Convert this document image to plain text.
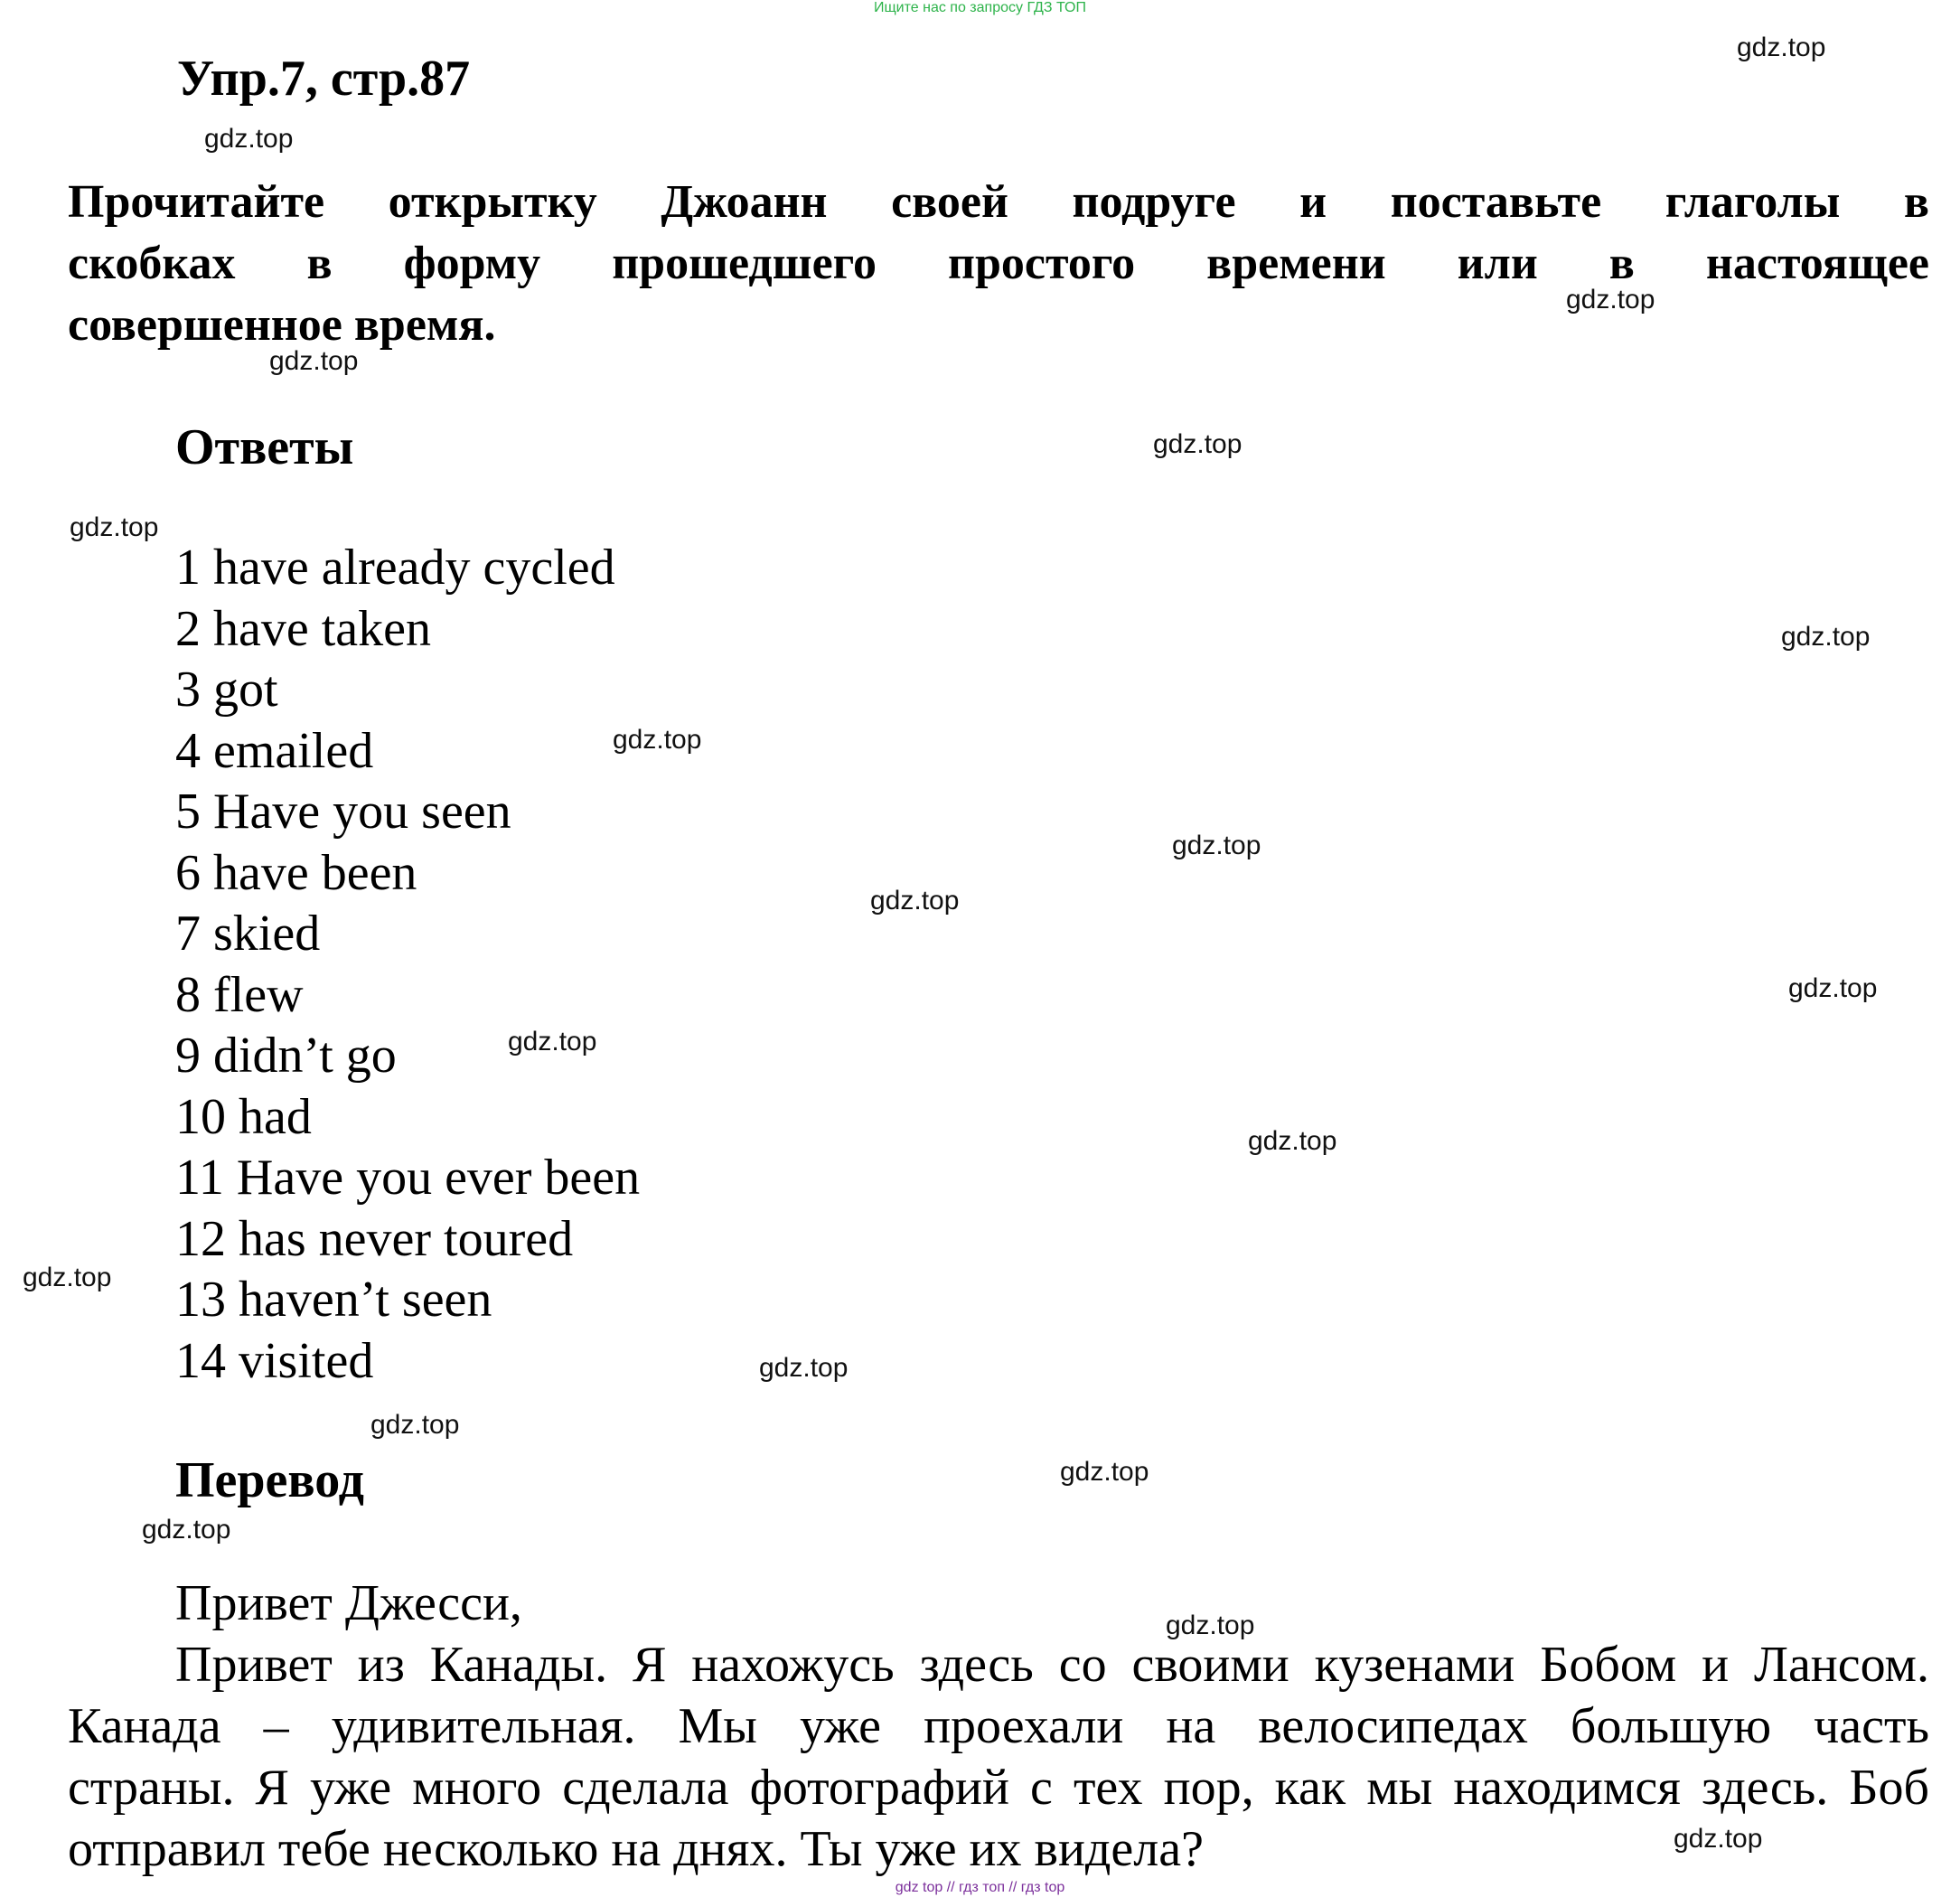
Ищите нас по запросу ГДЗ ТОП
Упр.7, стр.87
Прочитайте открытку Джоанн своей подруге и поставьте глаголы в
скобках в форму прошедшего простого времени или в настоящее
совершенное время.
Ответы
1 have already cycled
2 have taken
3 got
4 emailed
5 Have you seen
6 have been
7 skied
8 flew
9 didn’t go
10 had
11 Have you ever been
12 has never toured
13 haven’t seen
14 visited
Перевод
Привет Джесси,
Привет из Канады. Я нахожусь здесь со своими кузенами Бобом и Лансом.
Канада – удивительная. Мы уже проехали на велосипедах большую часть
страны. Я уже много сделала фотографий с тех пор, как мы находимся здесь. Боб
отправил тебе несколько на днях. Ты уже их видела?
gdz.top
gdz.top
gdz.top
gdz.top
gdz.top
gdz.top
gdz.top
gdz.top
gdz.top
gdz.top
gdz.top
gdz.top
gdz.top
gdz.top
gdz.top
gdz.top
gdz.top
gdz.top
gdz.top
gdz.top
gdz top // гдз топ // гдз top
